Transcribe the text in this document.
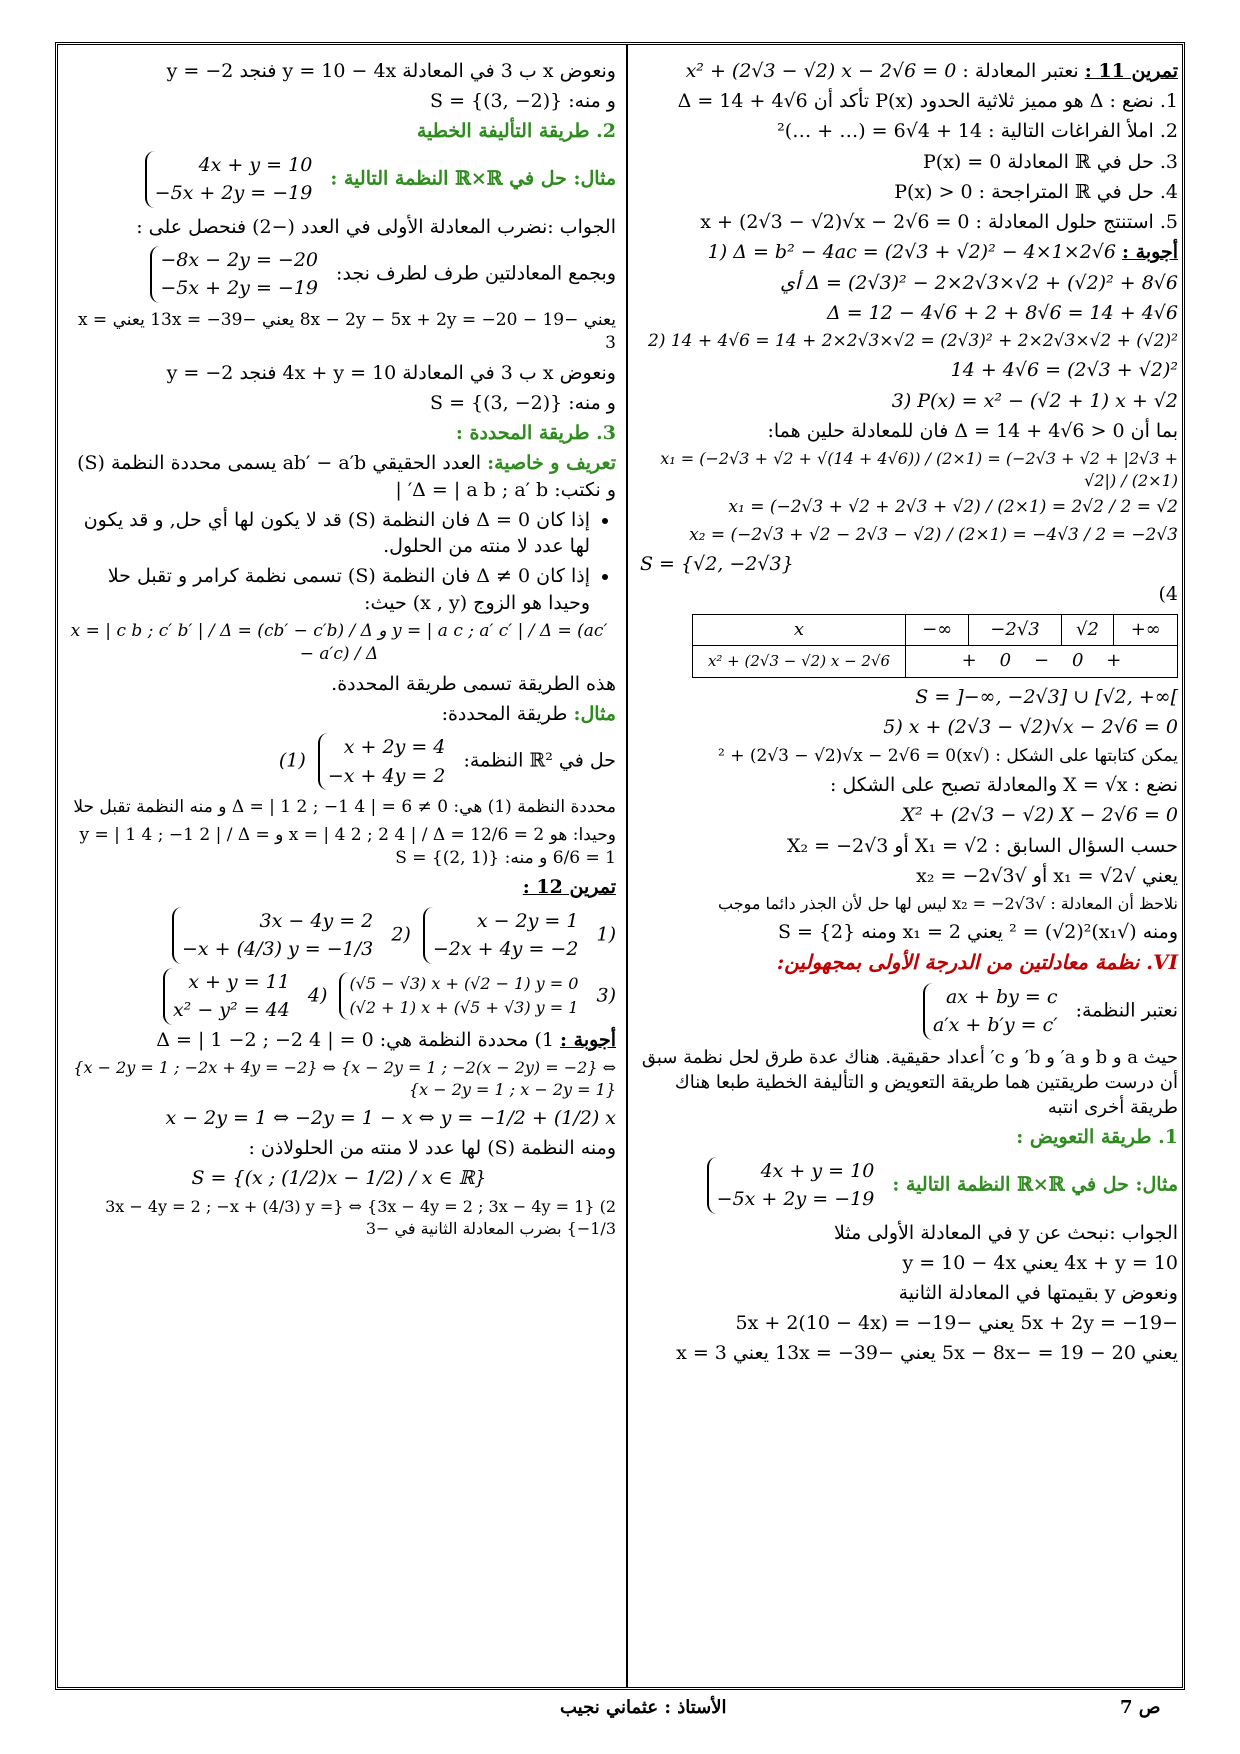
تمرين 11 : نعتبر المعادلة : x² + (2√3 − √2) x − 2√6 = 0

1. نضع : Δ هو مميز ثلاثية الحدود P(x) تأكد أن Δ = 14 + 4√6

2. املأ الفراغات التالية : 14 + 4√6 = (… + …)²

3. حل في ℝ المعادلة P(x) = 0

4. حل في ℝ المتراجحة : P(x) > 0

5. استنتج حلول المعادلة : x + (2√3 − √2)√x − 2√6 = 0

أجوبة : 1) Δ = b² − 4ac = (2√3 + √2)² − 4×1×2√6

أي Δ = (2√3)² − 2×2√3×√2 + (√2)² + 8√6

Δ = 12 − 4√6 + 2 + 8√6 = 14 + 4√6

2) 14 + 4√6 = 14 + 2×2√3×√2 = (2√3)² + 2×2√3×√2 + (√2)²

14 + 4√6 = (2√3 + √2)²

3) P(x) = x² − (√2 + 1) x + √2

بما أن Δ = 14 + 4√6 > 0 فان للمعادلة حلين هما:

x₁ = (−2√3 + √2 + √(14 + 4√6)) / (2×1) = (−2√3 + √2 + |2√3 + √2|) / (2×1)

x₁ = (−2√3 + √2 + 2√3 + √2) / (2×1) = 2√2 / 2 = √2

x₂ = (−2√3 + √2 − 2√3 − √2) / (2×1) = −4√3 / 2 = −2√3

S = {√2, −2√3}

4)

x	−∞	−2√3	√2	+∞
x² + (2√3 − √2) x − 2√6	+ 0 − 0 +			

S = ]−∞, −2√3] ∪ [√2, +∞[

5) x + (2√3 − √2)√x − 2√6 = 0

يمكن كتابتها على الشكل : (√x)² + (2√3 − √2)√x − 2√6 = 0

نضع : X = √x والمعادلة تصبح على الشكل :

X² + (2√3 − √2) X − 2√6 = 0

حسب السؤال السابق : X₁ = √2 أو X₂ = −2√3

يعني √x₁ = √2 أو √x₂ = −2√3

نلاحظ أن المعادلة : √x₂ = −2√3 ليس لها حل لأن الجذر دائما موجب

ومنه (√x₁)² = (√2)² يعني x₁ = 2 ومنه S = {2}

VI. نظمة معادلتين من الدرجة الأولى بمجهولين:

نعتبر النظمة: ax + by = c
a′x + b′y = c′

حيث a و b و a′ و b′ و c′ أعداد حقيقية. هناك عدة طرق لحل نظمة سبق أن درست طريقتين هما طريقة التعويض و التأليفة الخطية طبعا هناك طريقة أخرى انتبه

1. طريقة التعويض :

مثال: حل في ℝ×ℝ النظمة التالية : 4x + y = 10
−5x + 2y = −19

الجواب :نبحث عن y في المعادلة الأولى مثلا

4x + y = 10 يعني y = 10 − 4x

ونعوض y بقيمتها في المعادلة الثانية

−5x + 2y = −19 يعني −5x + 2(10 − 4x) = −19

يعني 20 − 19 = −5x − 8x يعني −13x = −39 يعني x = 3

ونعوض x ب 3 في المعادلة y = 10 − 4x فنجد y = −2

و منه: S = {(3, −2)}

2. طريقة التأليفة الخطية

مثال: حل في ℝ×ℝ النظمة التالية : 4x + y = 10
−5x + 2y = −19

الجواب :نضرب المعادلة الأولى في العدد (−2) فنحصل على :

وبجمع المعادلتين طرف لطرف نجد: −8x − 2y = −20
−5x + 2y = −19

يعني −8x − 2y − 5x + 2y = −20 − 19 يعني −13x = −39 يعني x = 3

ونعوض x ب 3 في المعادلة 4x + y = 10 فنجد y = −2

و منه: S = {(3, −2)}

3. طريقة المحددة :

تعريف و خاصية: العدد الحقيقي ab′ − a′b يسمى محددة النظمة (S) و نكتب: Δ = | a b ; a′ b′ |

• إذا كان Δ = 0 فان النظمة (S) قد لا يكون لها أي حل, و قد يكون لها عدد لا منته من الحلول.
• إذا كان Δ ≠ 0 فان النظمة (S) تسمى نظمة كرامر و تقبل حلا وحيدا هو الزوج (x , y) حيث:

x = | c b ; c′ b′ | / Δ = (cb′ − c′b) / Δ و y = | a c ; a′ c′ | / Δ = (ac′ − a′c) / Δ

هذه الطريقة تسمى طريقة المحددة.

مثال: طريقة المحددة:

حل في ℝ² النظمة: x + 2y = 4
−x + 4y = 2 (1)

محددة النظمة (1) هي: Δ = | 1 2 ; −1 4 | = 6 ≠ 0 و منه النظمة تقبل حلا

وحيدا: هو x = | 4 2 ; 2 4 | / Δ = 12/6 = 2 و y = | 1 4 ; −1 2 | / Δ = 6/6 = 1 و منه: S = {(2, 1)}

تمرين 12 :

1) x − 2y = 1
−2x + 4y = −2 2) 3x − 4y = 2
−x + (4/3) y = −1/3
3) (√5 − √3) x + (√2 − 1) y = 0
(√2 + 1) x + (√5 + √3) y = 1 4) x + y = 11
x² − y² = 44

أجوبة : 1) محددة النظمة هي: Δ = | 1 −2 ; −2 4 | = 0

{x − 2y = 1 ; −2x + 4y = −2} ⇔ {x − 2y = 1 ; −2(x − 2y) = −2} ⇔ {x − 2y = 1 ; x − 2y = 1}

x − 2y = 1 ⇔ −2y = 1 − x ⇔ y = −1/2 + (1/2) x

ومنه النظمة (S) لها عدد لا منته من الحلولاذن :

S = {(x ; (1/2)x − 1/2) / x ∈ ℝ}

2) {3x − 4y = 2 ; 3x − 4y = 1} ⇔ {3x − 4y = 2 ; −x + (4/3) y = −1/3} بضرب المعادلة الثانية في −3

الأستاذ : عثماني نجيب	ص 7
